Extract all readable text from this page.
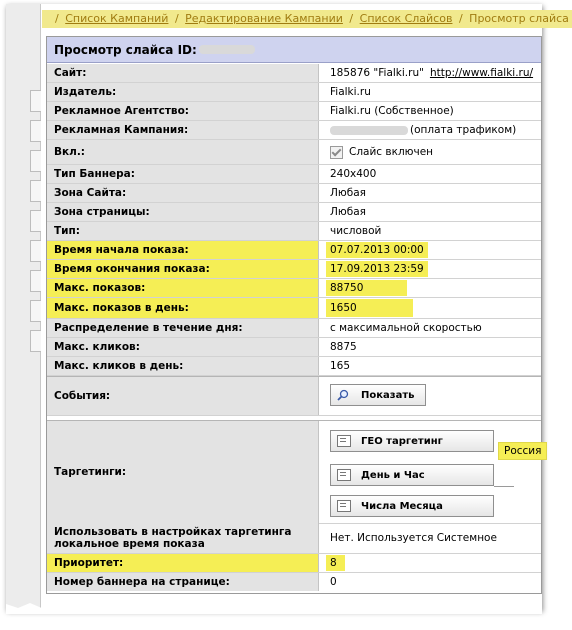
/ Список Кампаний / Редактирование Кампании / Список Слайсов / Просмотр слайса
Просмотр слайса ID:
Сайт:	185876 "Fialki.ru" http://www.fialki.ru/
Издатель:	Fialki.ru
Рекламное Агентство:	Fialki.ru (Собственное)
Рекламная Кампания:	(оплата трафиком)
Вкл.:	Слайс включен
Тип Баннера:	240x400
Зона Сайта:	Любая
Зона страницы:	Любая
Тип:	числовой
Время начала показа:	07.07.2013 00:00
Время окончания показа:	17.09.2013 23:59
Макс. показов:	88750
Макс. показов в день:	1650
Распределение в течение дня:	с максимальной скоростью
Макс. кликов:	8875
Макс. кликов в день:	165
События:	Показать
Таргетинги:
ГЕО таргетинг
Россия
День и Час
Числа Месяца
Использовать в настройках таргетинга локальное время показа	Нет. Используется Системное
Приоритет:	8
Номер баннера на странице:	0
